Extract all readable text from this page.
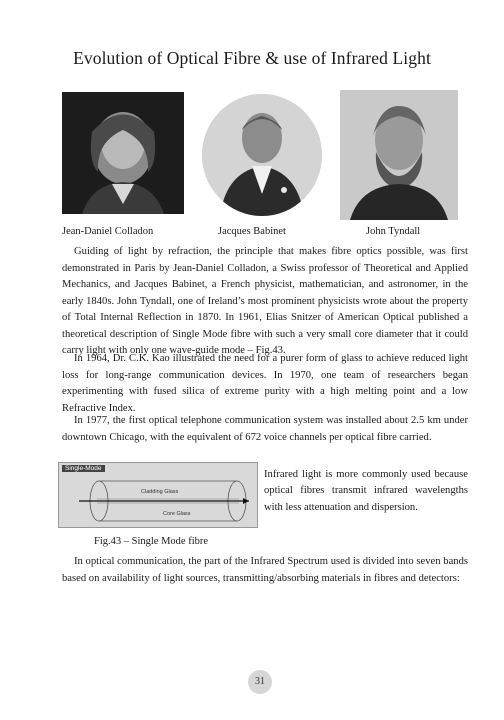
Evolution of Optical Fibre & use of Infrared Light
Jean-Daniel Colladon	Jacques Babinet	John Tyndall

Guiding of light by refraction, the principle that makes fibre optics possible, was first demonstrated in Paris by Jean-Daniel Colladon, a Swiss professor of Theoretical and Applied Mechanics, and Jacques Babinet, a French physicist, mathematician, and astronomer, in the early 1840s. John Tyndall, one of Ireland’s most prominent physicists wrote about the property of Total Internal Reflection in 1870. In 1961, Elias Snitzer of American Optical published a theoretical description of Single Mode fibre with such a very small core diameter that it could carry light with only one wave-guide mode – Fig.43.

In 1964, Dr. C.K. Kao illustrated the need for a purer form of glass to achieve reduced light loss for long-range communication devices. In 1970, one team of researchers began experimenting with fused silica of extreme purity with a high melting point and a low Refractive Index.

In 1977, the first optical telephone communication system was installed about 2.5 km under downtown Chicago, with the equivalent of 672 voice channels per optical fibre carried.

Cladding Glass
Core Glass
Single-Mode

Infrared light is more commonly used because optical fibres transmit infrared wavelengths with less attenuation and dispersion.

Fig.43 – Single Mode fibre

In optical communication, the part of the Infrared Spectrum used is divided into seven bands based on availability of light sources, transmitting/absorbing materials in fibres and detectors:

31
